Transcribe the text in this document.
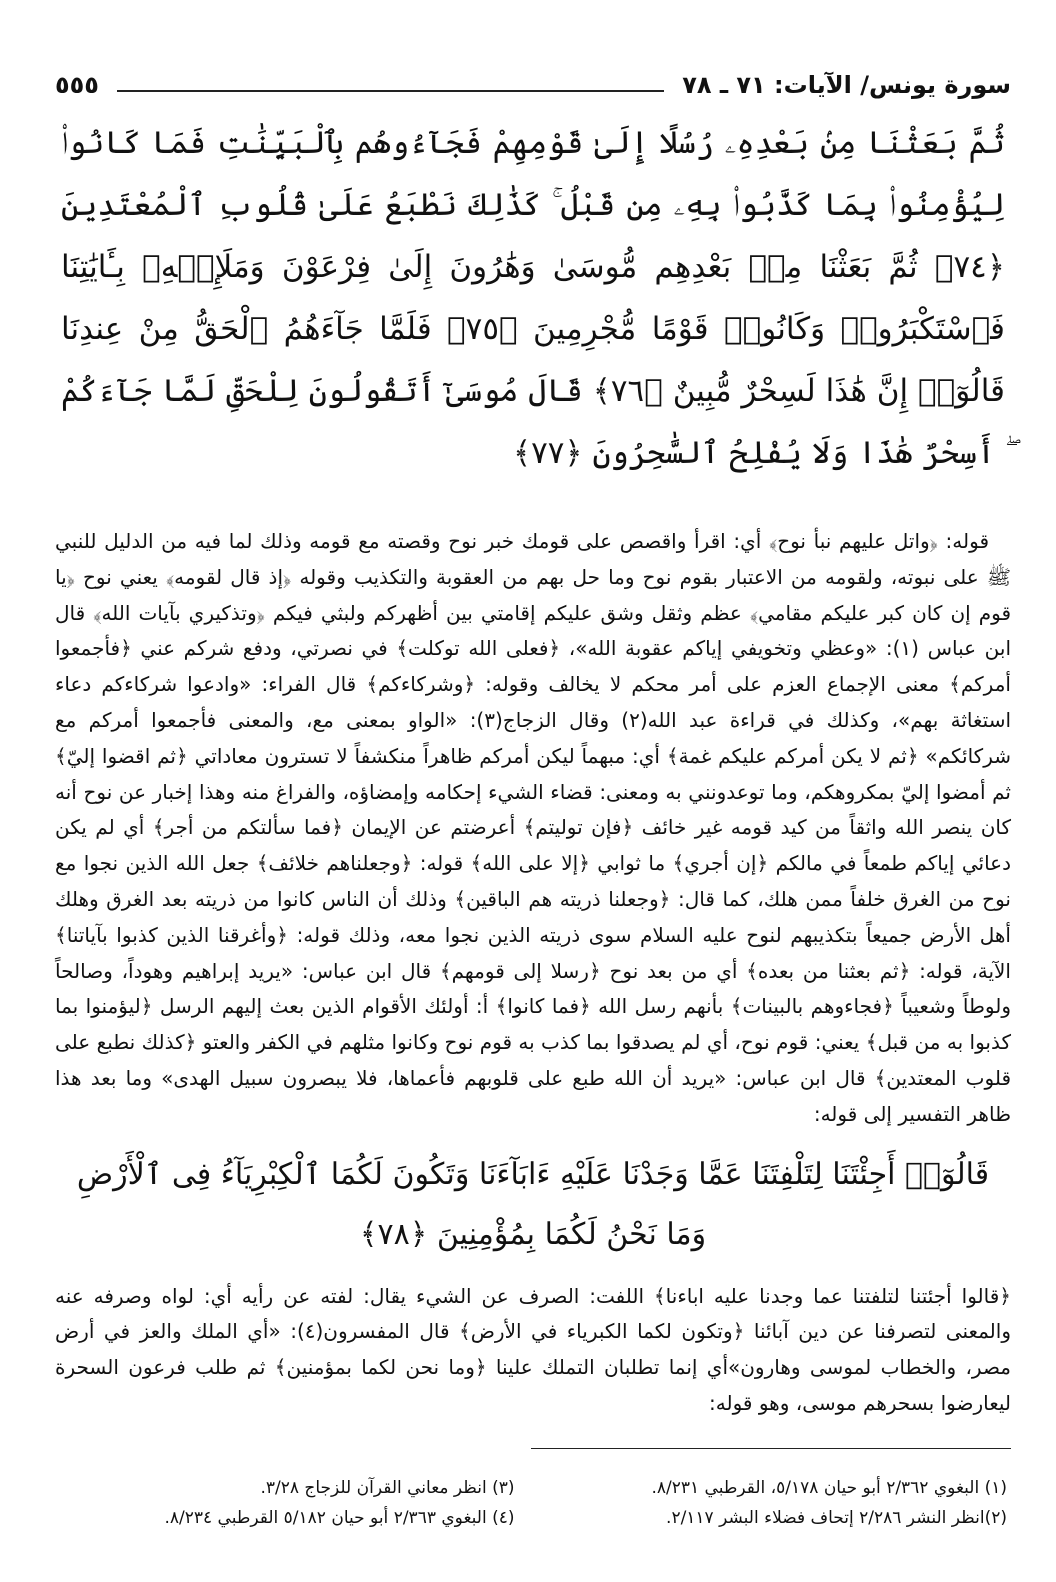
سورة يونس/ الآيات: ٧١ ـ ٧٨
٥٥٥
ثُمَّ بَعَثْنَا مِنۢ بَعْدِهِۦ رُسُلًا إِلَىٰ قَوْمِهِمْ فَجَآءُوهُم بِٱلْبَيِّنَٰتِ فَمَا كَانُوا۟ لِيُؤْمِنُوا۟ بِمَا كَذَّبُوا۟ بِهِۦ مِن قَبْلُ ۚ كَذَٰلِكَ نَطْبَعُ عَلَىٰ قُلُوبِ ٱلْمُعْتَدِينَ ﴿٧٤﴾ ثُمَّ بَعَثْنَا مِنۢ بَعْدِهِم مُّوسَىٰ وَهَٰرُونَ إِلَىٰ فِرْعَوْنَ وَمَلَإِي۟هِۦ بِـَٔايَٰتِنَا فَٱسْتَكْبَرُوا۟ وَكَانُوا۟ قَوْمًا مُّجْرِمِينَ ﴿٧٥﴾ فَلَمَّا جَآءَهُمُ ٱلْحَقُّ مِنْ عِندِنَا قَالُوٓا۟ إِنَّ هَٰذَا لَسِحْرٌ مُّبِينٌ ﴿٧٦﴾ قَالَ مُوسَىٰٓ أَتَقُولُونَ لِلْحَقِّ لَمَّا جَآءَكُمْ ۖ أَسِحْرٌ هَٰذَا وَلَا يُفْلِحُ ٱلسَّٰحِرُونَ ﴿٧٧﴾

قوله: ﴿واتل عليهم نبأ نوح﴾ أي: اقرأ واقصص على قومك خبر نوح وقصته مع قومه وذلك لما فيه من الدليل للنبي ﷺ على نبوته، ولقومه من الاعتبار بقوم نوح وما حل بهم من العقوبة والتكذيب وقوله ﴿إذ قال لقومه﴾ يعني نوح ﴿يا قوم إن كان كبر عليكم مقامي﴾ عظم وثقل وشق عليكم إقامتي بين أظهركم ولبثي فيكم ﴿وتذكيري بآيات الله﴾ قال ابن عباس (١): «وعظي وتخويفي إياكم عقوبة الله»، ﴿فعلى الله توكلت﴾ في نصرتي، ودفع شركم عني ﴿فأجمعوا أمركم﴾ معنى الإجماع العزم على أمر محكم لا يخالف وقوله: ﴿وشركاءكم﴾ قال الفراء: «وادعوا شركاءكم دعاء استغاثة بهم»، وكذلك في قراءة عبد الله(٢) وقال الزجاج(٣): «الواو بمعنى مع، والمعنى فأجمعوا أمركم مع شركائكم» ﴿ثم لا يكن أمركم عليكم غمة﴾ أي: مبهماً ليكن أمركم ظاهراً منكشفاً لا تسترون معاداتي ﴿ثم اقضوا إليّ﴾ثم أمضوا إليّ بمكروهكم، وما توعدونني به ومعنى: قضاء الشيء إحكامه وإمضاؤه، والفراغ منه وهذا إخبار عن نوح أنه كان ينصر الله واثقاً من كيد قومه غير خائف ﴿فإن توليتم﴾ أعرضتم عن الإيمان ﴿فما سألتكم من أجر﴾ أي لم يكن دعائي إياكم طمعاً في مالكم ﴿إن أجري﴾ ما ثوابي ﴿إلا على الله﴾ قوله: ﴿وجعلناهم خلائف﴾ جعل الله الذين نجوا مع نوح من الغرق خلفاً ممن هلك، كما قال: ﴿وجعلنا ذريته هم الباقين﴾ وذلك أن الناس كانوا من ذريته بعد الغرق وهلك أهل الأرض جميعاً بتكذيبهم لنوح عليه السلام سوى ذريته الذين نجوا معه، وذلك قوله: ﴿وأغرقنا الذين كذبوا بآياتنا﴾الآية، قوله: ﴿ثم بعثنا من بعده﴾ أي من بعد نوح ﴿رسلا إلى قومهم﴾ قال ابن عباس: «يريد إبراهيم وهوداً، وصالحاً ولوطاً وشعيباً ﴿فجاءوهم بالبينات﴾ بأنهم رسل الله ﴿فما كانوا﴾ أ: أولئك الأقوام الذين بعث إليهم الرسل ﴿ليؤمنوا بما كذبوا به من قبل﴾ يعني: قوم نوح، أي لم يصدقوا بما كذب به قوم نوح وكانوا مثلهم في الكفر والعتو ﴿كذلك نطبع على قلوب المعتدين﴾ قال ابن عباس: «يريد أن الله طبع على قلوبهم فأعماها، فلا يبصرون سبيل الهدى» وما بعد هذا ظاهر التفسير إلى قوله:

قَالُوٓا۟ أَجِئْتَنَا لِتَلْفِتَنَا عَمَّا وَجَدْنَا عَلَيْهِ ءَابَآءَنَا وَتَكُونَ لَكُمَا ٱلْكِبْرِيَآءُ فِى ٱلْأَرْضِ وَمَا نَحْنُ لَكُمَا بِمُؤْمِنِينَ ﴿٧٨﴾

﴿قالوا أجئتنا لتلفتنا عما وجدنا عليه اباءنا﴾ اللفت: الصرف عن الشيء يقال: لفته عن رأيه أي: لواه وصرفه عنه والمعنى لتصرفنا عن دين آبائنا ﴿وتكون لكما الكبرياء في الأرض﴾ قال المفسرون(٤): «أي الملك والعز في أرض مصر، والخطاب لموسى وهارون»أي إنما تطلبان التملك علينا ﴿وما نحن لكما بمؤمنين﴾ ثم طلب فرعون السحرة ليعارضوا بسحرهم موسى، وهو قوله:

(١) البغوي ٢/٣٦٢ أبو حيان ٥/١٧٨، القرطبي ٨/٢٣١.
(٢)انظر النشر ٢/٢٨٦ إتحاف فضلاء البشر ٢/١١٧.
(٣) انظر معاني القرآن للزجاج ٣/٢٨.
(٤) البغوي ٢/٣٦٣ أبو حيان ٥/١٨٢ القرطبي ٨/٢٣٤.
